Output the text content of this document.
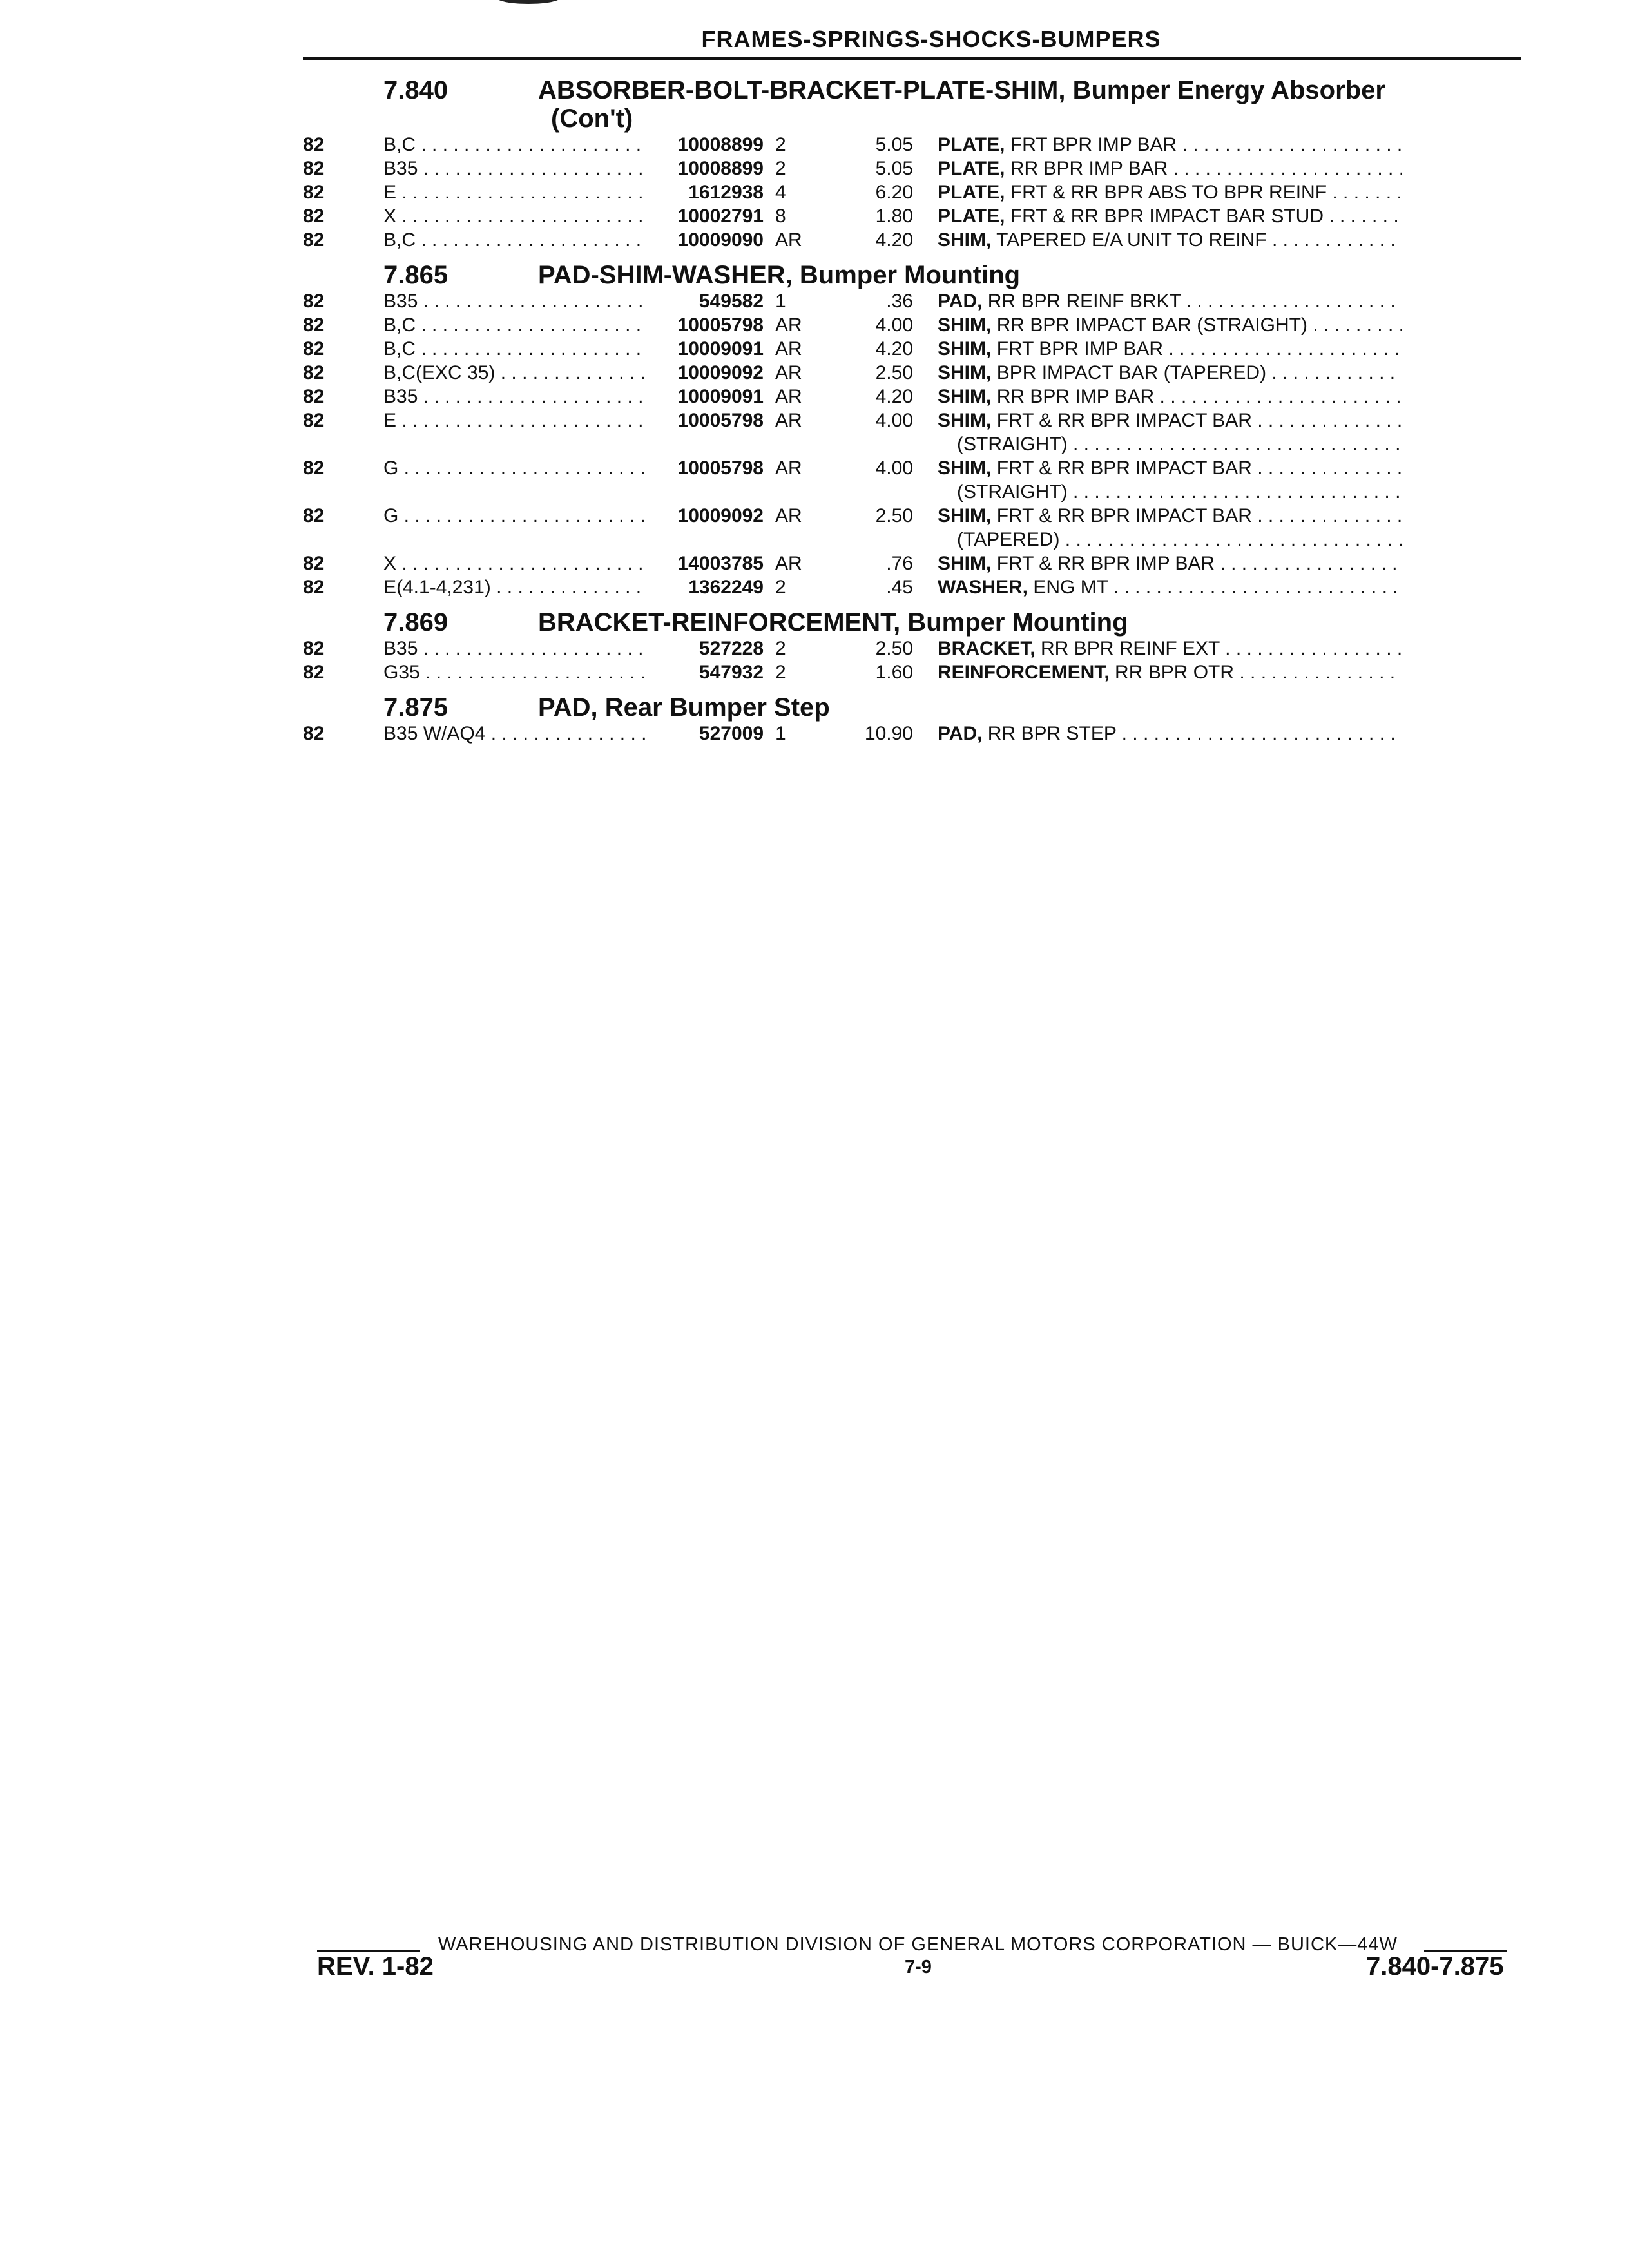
FRAMES-SPRINGS-SHOCKS-BUMPERS
7.840	ABSORBER-BOLT-BRACKET-PLATE-SHIM, Bumper Energy Absorber
(Con't)
82	B,C . . .	10008899 2	5.05	PLATE, FRT BPR IMP BAR . . .
82	B35 . . .	10008899 2	5.05	PLATE, RR BPR IMP BAR . . .
82	E . . .	1612938 4	6.20	PLATE, FRT & RR BPR ABS TO BPR REINF . . .
82	X . . .	10002791 8	1.80	PLATE, FRT & RR BPR IMPACT BAR STUD . . .
82	B,C . . .	10009090 AR	4.20	SHIM, TAPERED E/A UNIT TO REINF . . .
7.865	PAD-SHIM-WASHER, Bumper Mounting
82	B35 . . .	549582 1	.36	PAD, RR BPR REINF BRKT . . .
82	B,C . . .	10005798 AR	4.00	SHIM, RR BPR IMPACT BAR (STRAIGHT) . . .
82	B,C . . .	10009091 AR	4.20	SHIM, FRT BPR IMP BAR . . .
82	B,C(EXC 35) . . .	10009092 AR	2.50	SHIM, BPR IMPACT BAR (TAPERED) . . .
82	B35 . . .	10009091 AR	4.20	SHIM, RR BPR IMP BAR . . .
82	E . . .	10005798 AR	4.00	SHIM, FRT & RR BPR IMPACT BAR . . .
(STRAIGHT) . . .
82	G . . .	10005798 AR	4.00	SHIM, FRT & RR BPR IMPACT BAR . . .
(STRAIGHT) . . .
82	G . . .	10009092 AR	2.50	SHIM, FRT & RR BPR IMPACT BAR . . .
(TAPERED) . . .
82	X . . .	14003785 AR	.76	SHIM, FRT & RR BPR IMP BAR . . .
82	E(4.1-4,231) . . .	1362249 2	.45	WASHER, ENG MT . . .
7.869	BRACKET-REINFORCEMENT, Bumper Mounting
82	B35 . . .	527228 2	2.50	BRACKET, RR BPR REINF EXT . . .
82	G35 . . .	547932 2	1.60	REINFORCEMENT, RR BPR OTR . . .
7.875	PAD, Rear Bumper Step
82	B35 W/AQ4 . . .	527009 1	10.90	PAD, RR BPR STEP . . .
WAREHOUSING AND DISTRIBUTION DIVISION OF GENERAL MOTORS CORPORATION — BUICK—44W
REV. 1-82	7-9	7.840-7.875
